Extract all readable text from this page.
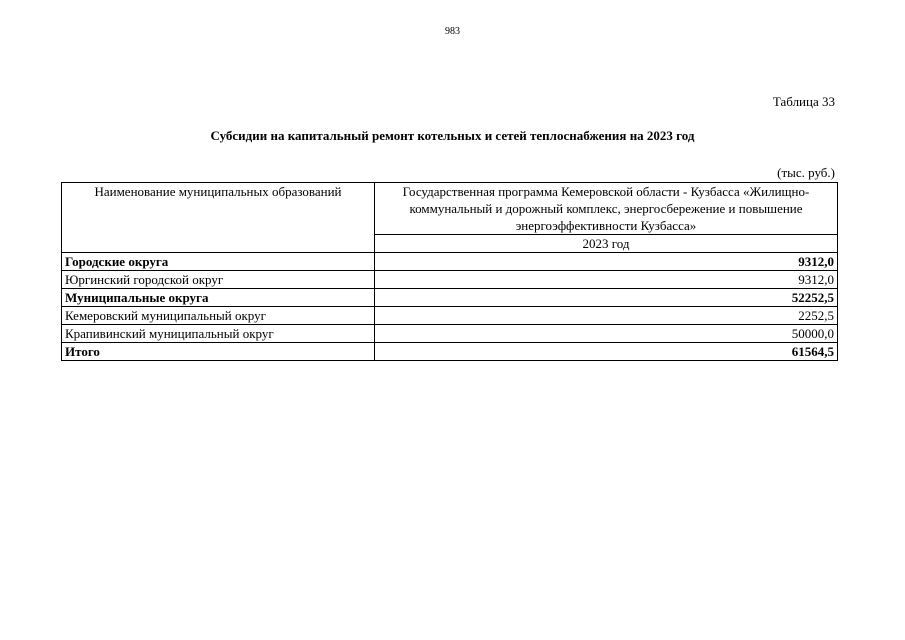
983
Таблица 33
Субсидии на капитальный ремонт котельных и сетей теплоснабжения на 2023 год
(тыс. руб.)
Наименование муниципальных образований	Государственная программа Кемеровской области - Кузбасса «Жилищно-коммунальный и дорожный комплекс, энергосбережение и повышение энергоэффективности Кузбасса»
	2023 год
Городские округа	9312,0
Юргинский городской округ	9312,0
Муниципальные округа	52252,5
Кемеровский муниципальный округ	2252,5
Крапивинский муниципальный округ	50000,0
Итого	61564,5
